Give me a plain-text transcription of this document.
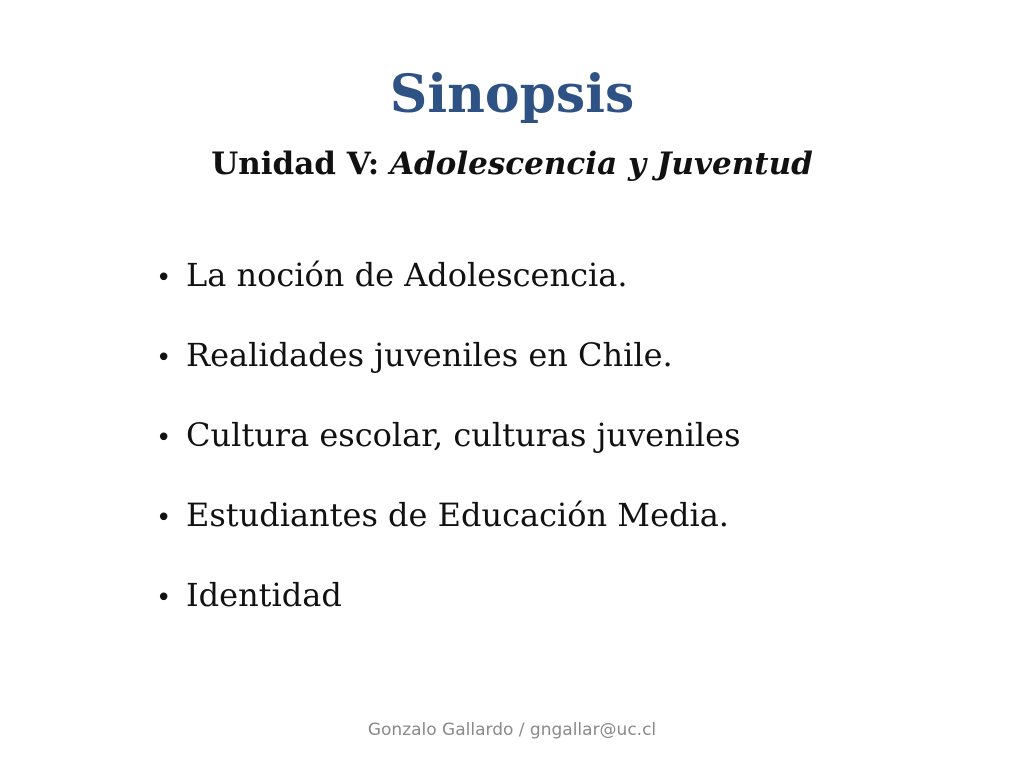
Sinopsis
Unidad V: Adolescencia y Juventud
• La noción de Adolescencia.
• Realidades juveniles en Chile.
• Cultura escolar, culturas juveniles
• Estudiantes de Educación Media.
• Identidad
Gonzalo Gallardo / gngallar@uc.cl
